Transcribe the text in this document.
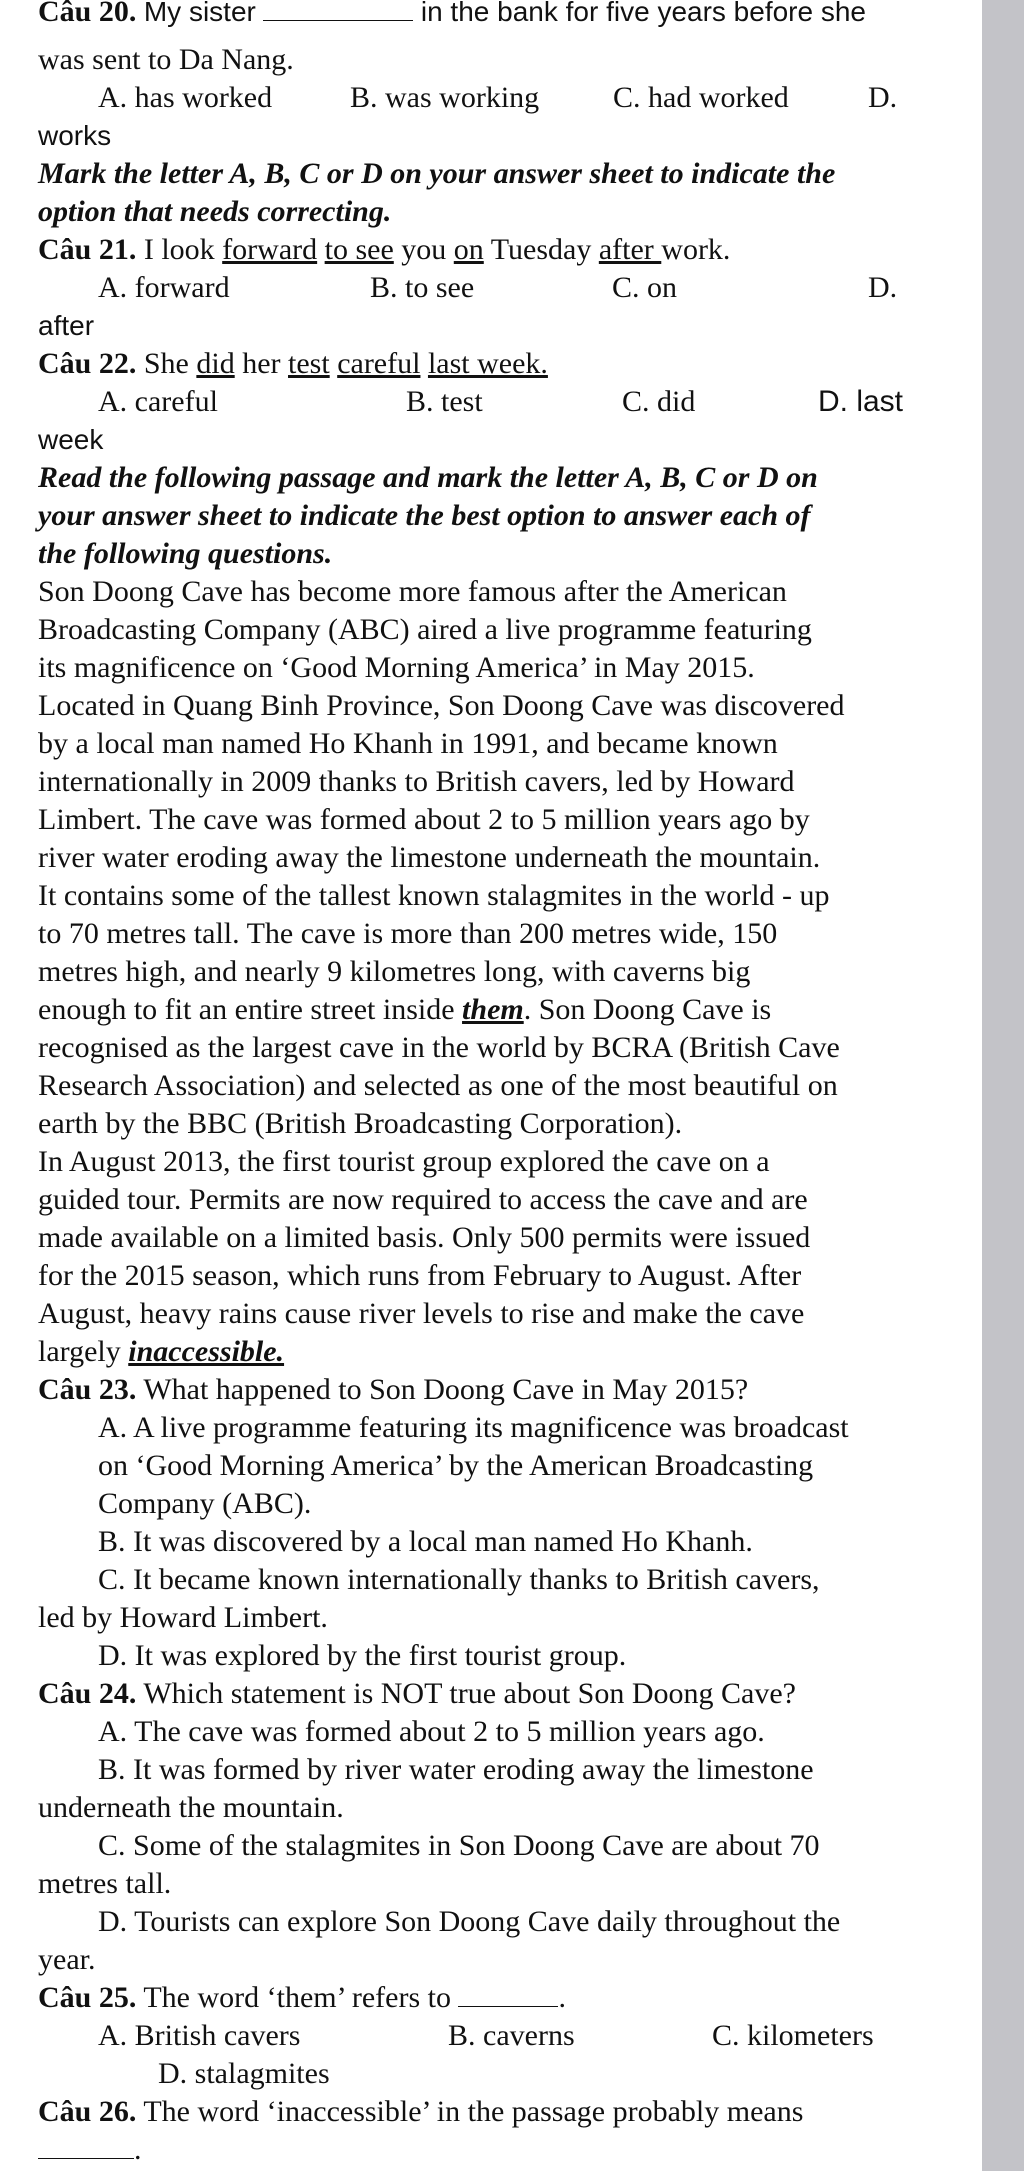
Câu 20. My sister	in the bank for five years before she
was sent to Da Nang.
A. has worked	B. was working C. had worked	D.
works
Mark the letter A, B, C or D on your answer sheet to indicate the
option that needs correcting.
Câu 21. I look forward to see you on Tuesday after work.
A. forward	B. to see	C. on	D.
after
Câu 22. She did her test careful last week.
A. careful	B. test	C. did	D. last
week
Read the following passage and mark the letter A, B, C or D on
your answer sheet to indicate the best option to answer each of
the following questions.
Son Doong Cave has become more famous after the American
Broadcasting Company (ABC) aired a live programme featuring
its magnificence on ‘Good Morning America’ in May 2015.
Located in Quang Binh Province, Son Doong Cave was discovered
by a local man named Ho Khanh in 1991, and became known
internationally in 2009 thanks to British cavers, led by Howard
Limbert. The cave was formed about 2 to 5 million years ago by
river water eroding away the limestone underneath the mountain.
It contains some of the tallest known stalagmites in the world - up
to 70 metres tall. The cave is more than 200 metres wide, 150
metres high, and nearly 9 kilometres long, with caverns big
enough to fit an entire street inside them. Son Doong Cave is
recognised as the largest cave in the world by BCRA (British Cave
Research Association) and selected as one of the most beautiful on
earth by the BBC (British Broadcasting Corporation).
In August 2013, the first tourist group explored the cave on a
guided tour. Permits are now required to access the cave and are
made available on a limited basis. Only 500 permits were issued
for the 2015 season, which runs from February to August. After
August, heavy rains cause river levels to rise and make the cave
largely inaccessible.
Câu 23. What happened to Son Doong Cave in May 2015?
A. A live programme featuring its magnificence was broadcast
on ‘Good Morning America’ by the American Broadcasting
Company (ABC).
B. It was discovered by a local man named Ho Khanh.
C. It became known internationally thanks to British cavers,
led by Howard Limbert.
D. It was explored by the first tourist group.
Câu 24. Which statement is NOT true about Son Doong Cave?
A. The cave was formed about 2 to 5 million years ago.
B. It was formed by river water eroding away the limestone
underneath the mountain.
C. Some of the stalagmites in Son Doong Cave are about 70
metres tall.
D. Tourists can explore Son Doong Cave daily throughout the
year.
Câu 25. The word ‘them’ refers to	.
A. British cavers	B. caverns	C. kilometers
D. stalagmites
Câu 26. The word ‘inaccessible’ in the passage probably means
.
